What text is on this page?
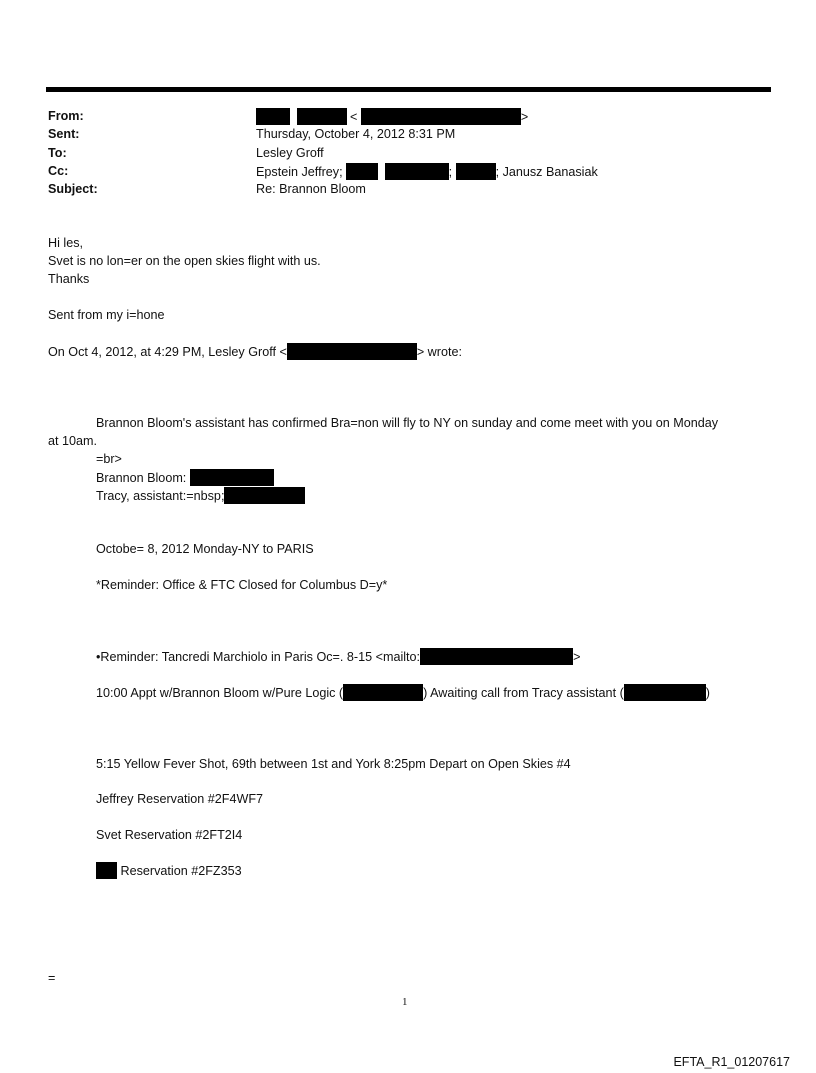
From:	<	>
Sent:	Thursday, October 4, 2012 8:31 PM
To:	Lesley Groff
Cc:	Epstein Jeffrey;	;	; Janusz Banasiak
Subject:	Re: Brannon Bloom
Hi les,
Svet is no lon=er on the open skies flight with us.
Thanks
Sent from my i=hone
On Oct 4, 2012, at 4:29 PM, Lesley Groff <	> wrote:
Brannon Bloom's assistant has confirmed Bra=non will fly to NY on sunday and come meet with you on Monday
at 10am.
=br>
Brannon Bloom:
Tracy, assistant:=nbsp;
Octobe= 8, 2012 Monday-NY to PARIS
*Reminder: Office & FTC Closed for Columbus D=y*
•Reminder: Tancredi Marchiolo in Paris Oc=. 8-15 <mailto:	>
10:00 Appt w/Brannon Bloom w/Pure Logic (	) Awaiting call from Tracy assistant (	)
5:15 Yellow Fever Shot, 69th between 1st and York 8:25pm Depart on Open Skies #4
Jeffrey Reservation #2F4WF7
Svet Reservation #2FT2I4
Reservation #2FZ353
=
1
EFTA_R1_01207617
